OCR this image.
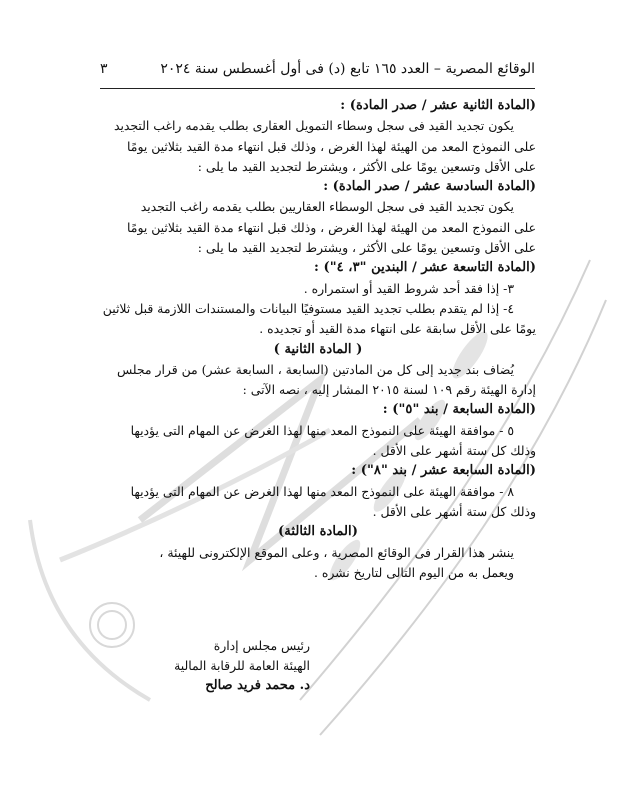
الوقائع المصرية – العدد ١٦٥ تابع (د) فى أول أغسطس سنة ٢٠٢٤
٣
(المادة الثانية عشر / صدر المادة) :
يكون تجديد القيد فى سجل وسطاء التمويل العقارى بطلب يقدمه راغب التجديد
على النموذج المعد من الهيئة لهذا الغرض ، وذلك قبل انتهاء مدة القيد بثلاثين يومًا
على الأقل وتسعين يومًا على الأكثر ، ويشترط لتجديد القيد ما يلى :
(المادة السادسة عشر / صدر المادة) :
يكون تجديد القيد فى سجل الوسطاء العقاريين بطلب يقدمه راغب التجديد
على النموذج المعد من الهيئة لهذا الغرض ، وذلك قبل انتهاء مدة القيد بثلاثين يومًا
على الأقل وتسعين يومًا على الأكثر ، ويشترط لتجديد القيد ما يلى :
(المادة التاسعة عشر / البندين "٣، ٤") :
٣- إذا فقد أحد شروط القيد أو استمراره .
٤- إذا لم يتقدم بطلب تجديد القيد مستوفيًا البيانات والمستندات اللازمة قبل ثلاثين
يومًا على الأقل سابقة على انتهاء مدة القيد أو تجديده .
( المادة الثانية )
يُضاف بند جديد إلى كل من المادتين (السابعة ، السابعة عشر) من قرار مجلس
إدارة الهيئة رقم ١٠٩ لسنة ٢٠١٥ المشار إليه ، نصه الآتى :
(المادة السابعة / بند "٥") :
٥ - موافقة الهيئة على النموذج المعد منها لهذا الغرض عن المهام التى يؤديها
وذلك كل ستة أشهر على الأقل .
(المادة السابعة عشر / بند "٨") :
٨ - موافقة الهيئة على النموذج المعد منها لهذا الغرض عن المهام التى يؤديها
وذلك كل ستة أشهر على الأقل .
(المادة الثالثة)
ينشر هذا القرار فى الوقائع المصرية ، وعلى الموقع الإلكترونى للهيئة ،
ويعمل به من اليوم التالى لتاريخ نشره .
رئيس مجلس إدارة
الهيئة العامة للرقابة المالية
د. محمد فريد صالح
